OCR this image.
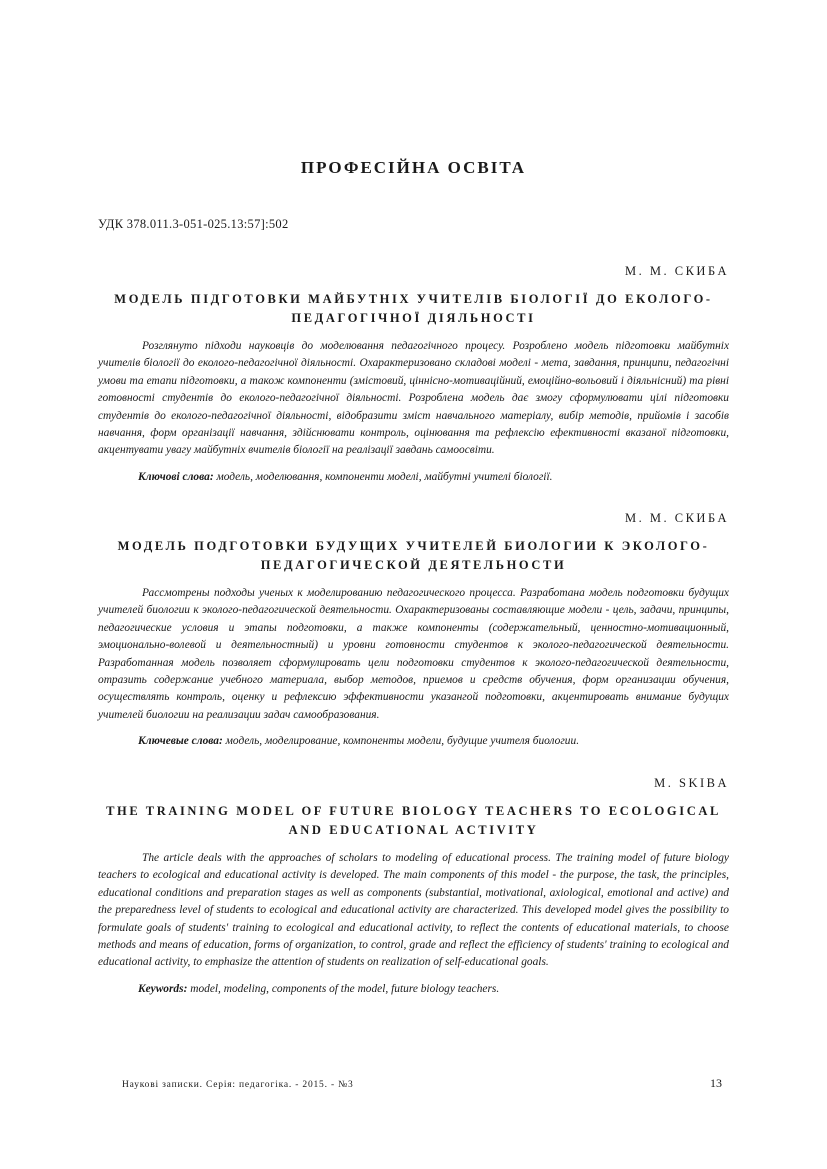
ПРОФЕСІЙНА ОСВІТА
УДК 378.011.3-051-025.13:57]:502
М. М. СКИБА
МОДЕЛЬ ПІДГОТОВКИ МАЙБУТНІХ УЧИТЕЛІВ БІОЛОГІЇ ДО ЕКОЛОГО-ПЕДАГОГІЧНОЇ ДІЯЛЬНОСТІ
Розглянуто підходи науковців до моделювання педагогічного процесу. Розроблено модель підготовки майбутніх учителів біології до еколого-педагогічної діяльності. Охарактеризовано складові моделі - мета, завдання, принципи, педагогічні умови та етапи підготовки, а також компоненти (змістовий, ціннісно-мотиваційний, емоційно-вольовий і діяльнісний) та рівні готовності студентів до еколого-педагогічної діяльності. Розроблена модель дає змогу сформулювати цілі підготовки студентів до еколого-педагогічної діяльності, відобразити зміст навчального матеріалу, вибір методів, прийомів і засобів навчання, форм організації навчання, здійснювати контроль, оцінювання та рефлексію ефективності вказаної підготовки, акцентувати увагу майбутніх вчителів біології на реалізації завдань самоосвіти.
Ключові слова: модель, моделювання, компоненти моделі, майбутні учителі біології.
М. М. СКИБА
МОДЕЛЬ ПОДГОТОВКИ БУДУЩИХ УЧИТЕЛЕЙ БИОЛОГИИ К ЭКОЛОГО-ПЕДАГОГИЧЕСКОЙ ДЕЯТЕЛЬНОСТИ
Рассмотрены подходы ученых к моделированию педагогического процесса. Разработана модель подготовки будущих учителей биологии к эколого-педагогической деятельности. Охарактеризованы составляющие модели - цель, задачи, принципы, педагогические условия и этапы подготовки, а также компоненты (содержательный, ценностно-мотивационный, эмоционально-волевой и деятельностный) и уровни готовности студентов к эколого-педагогической деятельности. Разработанная модель позволяет сформулировать цели подготовки студентов к эколого-педагогической деятельности, отразить содержание учебного материала, выбор методов, приемов и средств обучения, форм организации обучения, осуществлять контроль, оценку и рефлексию эффективности указангой подготовки, акцентировать внимание будущих учителей биологии на реализации задач самообразования.
Ключевые слова: модель, моделирование, компоненты модели, будущие учителя биологии.
M. SKIBA
THE TRAINING MODEL OF FUTURE BIOLOGY TEACHERS TO ECOLOGICAL AND EDUCATIONAL ACTIVITY
The article deals with the approaches of scholars to modeling of educational process. The training model of future biology teachers to ecological and educational activity is developed. The main components of this model - the purpose, the task, the principles, educational conditions and preparation stages as well as components (substantial, motivational, axiological, emotional and active) and the preparedness level of students to ecological and educational activity are characterized. This developed model gives the possibility to formulate goals of students' training to ecological and educational activity, to reflect the contents of educational materials, to choose methods and means of education, forms of organization, to control, grade and reflect the efficiency of students' training to ecological and educational activity, to emphasize the attention of students on realization of self-educational goals.
Keywords: model, modeling, components of the model, future biology teachers.
Наукові записки. Серія: педагогіка. - 2015. - №3	13
